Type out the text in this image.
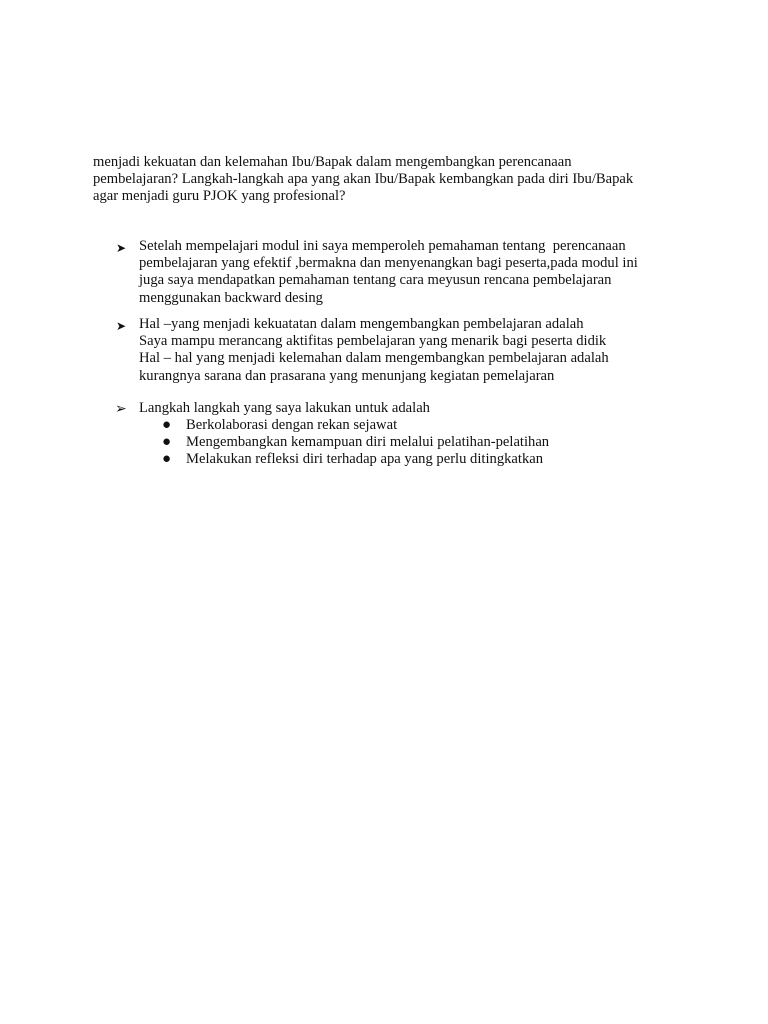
menjadi kekuatan dan kelemahan Ibu/Bapak dalam mengembangkan perencanaan
pembelajaran? Langkah-langkah apa yang akan Ibu/Bapak kembangkan pada diri Ibu/Bapak
agar menjadi guru PJOK yang profesional?
➤ Setelah mempelajari modul ini saya memperoleh pemahaman tentang  perencanaan
pembelajaran yang efektif ,bermakna dan menyenangkan bagi peserta,pada modul ini
juga saya mendapatkan pemahaman tentang cara meyusun rencana pembelajaran
menggunakan backward desing
➤ Hal –yang menjadi kekuatatan dalam mengembangkan pembelajaran adalah
Saya mampu merancang aktifitas pembelajaran yang menarik bagi peserta didik
Hal – hal yang menjadi kelemahan dalam mengembangkan pembelajaran adalah
kurangnya sarana dan prasarana yang menunjang kegiatan pemelajaran
➢ Langkah langkah yang saya lakukan untuk adalah
●
●
●
Berkolaborasi dengan rekan sejawat
Mengembangkan kemampuan diri melalui pelatihan-pelatihan
Melakukan refleksi diri terhadap apa yang perlu ditingkatkan
